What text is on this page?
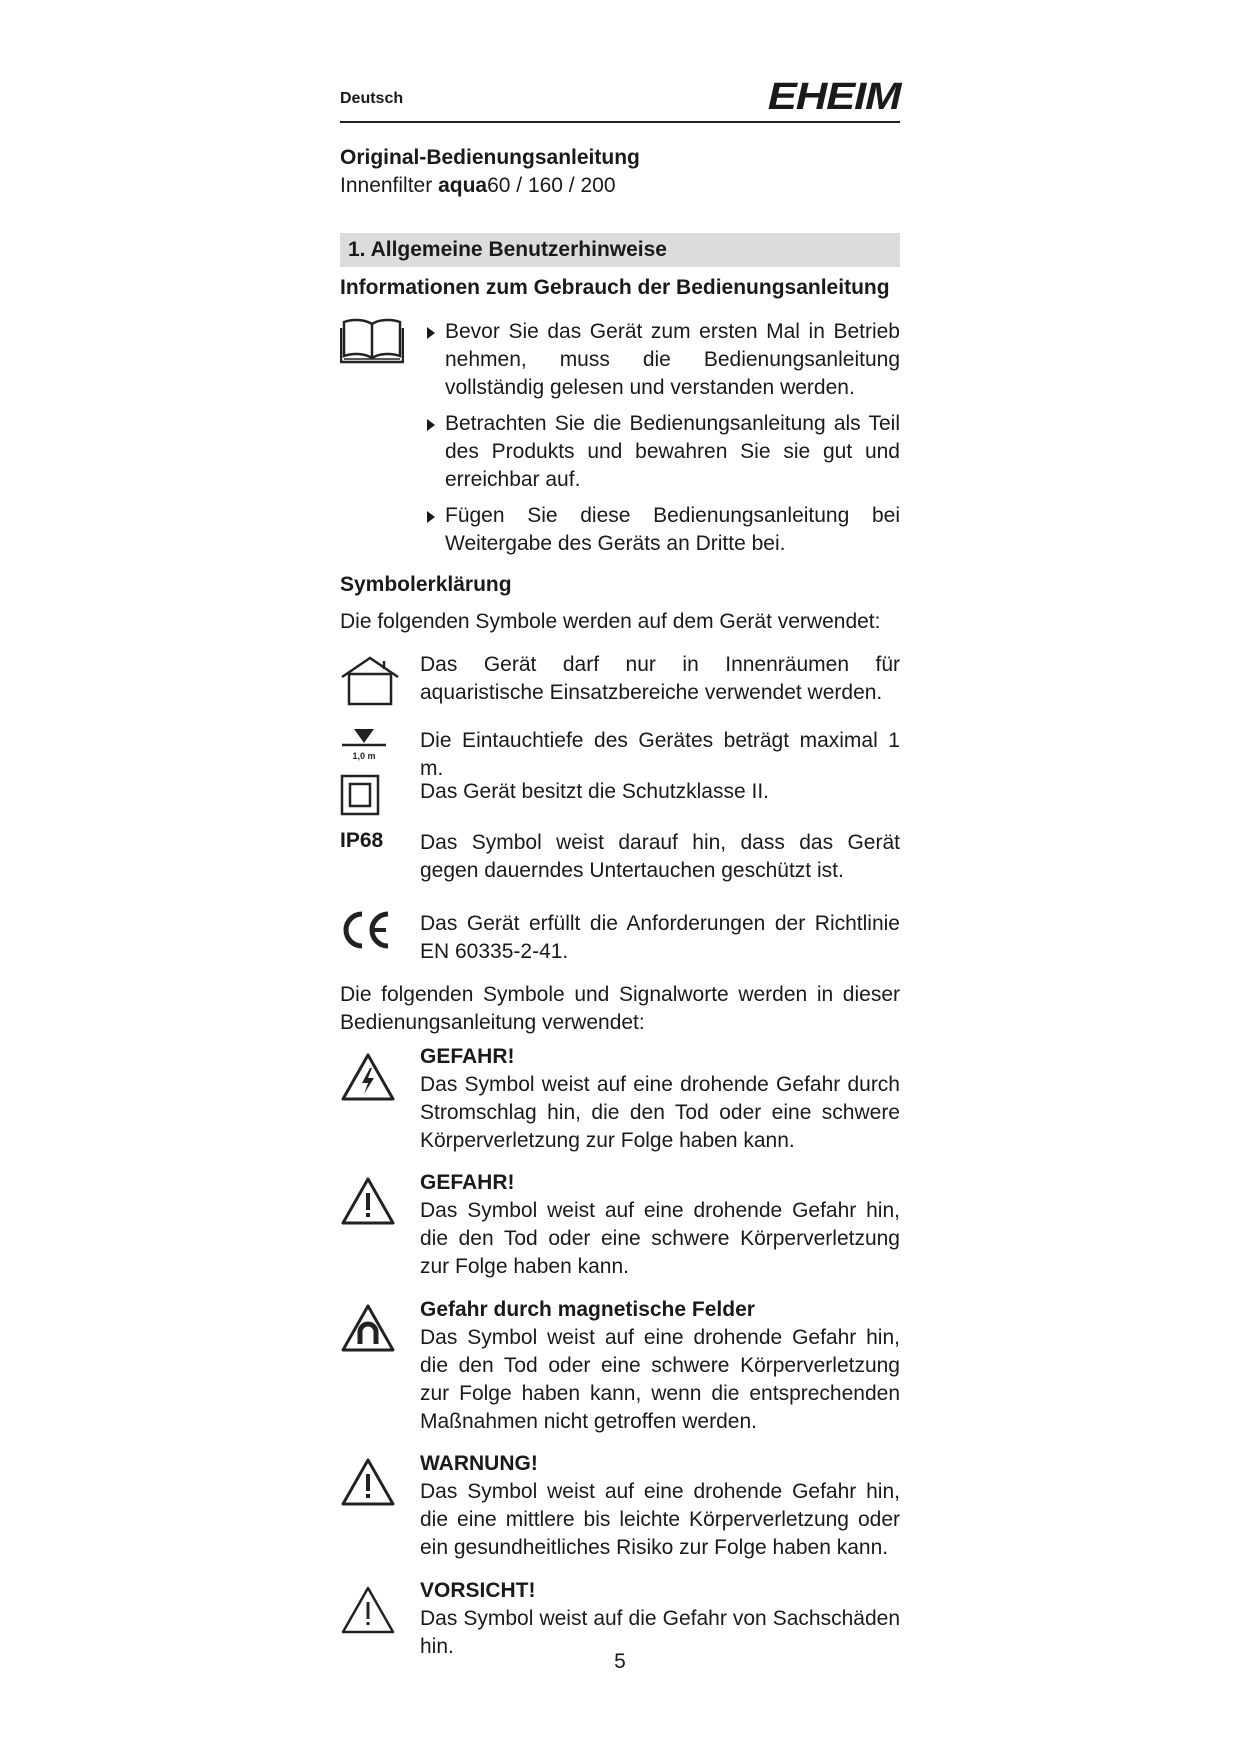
Deutsch	EHEIM
Original-Bedienungsanleitung
Innenfilter aqua60 / 160 / 200
1. Allgemeine Benutzerhinweise
Informationen zum Gebrauch der Bedienungsanleitung
Bevor Sie das Gerät zum ersten Mal in Betrieb nehmen, muss die Bedienungsanleitung vollständig gelesen und verstanden werden.
Betrachten Sie die Bedienungsanleitung als Teil des Produkts und bewahren Sie sie gut und erreichbar auf.
Fügen Sie diese Bedienungsanleitung bei Weitergabe des Geräts an Dritte bei.
Symbolerklärung
Die folgenden Symbole werden auf dem Gerät verwendet:
Das Gerät darf nur in Innenräumen für aquaristische Einsatzbereiche verwendet werden.
1,0 m
Die Eintauchtiefe des Gerätes beträgt maximal 1 m.
Das Gerät besitzt die Schutzklasse II.
IP68 Das Symbol weist darauf hin, dass das Gerät gegen dauerndes Untertauchen geschützt ist.
Das Gerät erfüllt die Anforderungen der Richtlinie EN 60335-2-41.
Die folgenden Symbole und Signalworte werden in dieser Bedienungsanleitung verwendet:
GEFAHR!
Das Symbol weist auf eine drohende Gefahr durch Stromschlag hin, die den Tod oder eine schwere Körperverletzung zur Folge haben kann.
GEFAHR!
Das Symbol weist auf eine drohende Gefahr hin, die den Tod oder eine schwere Körperverletzung zur Folge haben kann.
Gefahr durch magnetische Felder
Das Symbol weist auf eine drohende Gefahr hin, die den Tod oder eine schwere Körperverletzung zur Folge haben kann, wenn die entsprechenden Maßnahmen nicht getroffen werden.
WARNUNG!
Das Symbol weist auf eine drohende Gefahr hin, die eine mittlere bis leichte Körperverletzung oder ein gesundheitliches Risiko zur Folge haben kann.
VORSICHT!
Das Symbol weist auf die Gefahr von Sachschäden hin.
5
